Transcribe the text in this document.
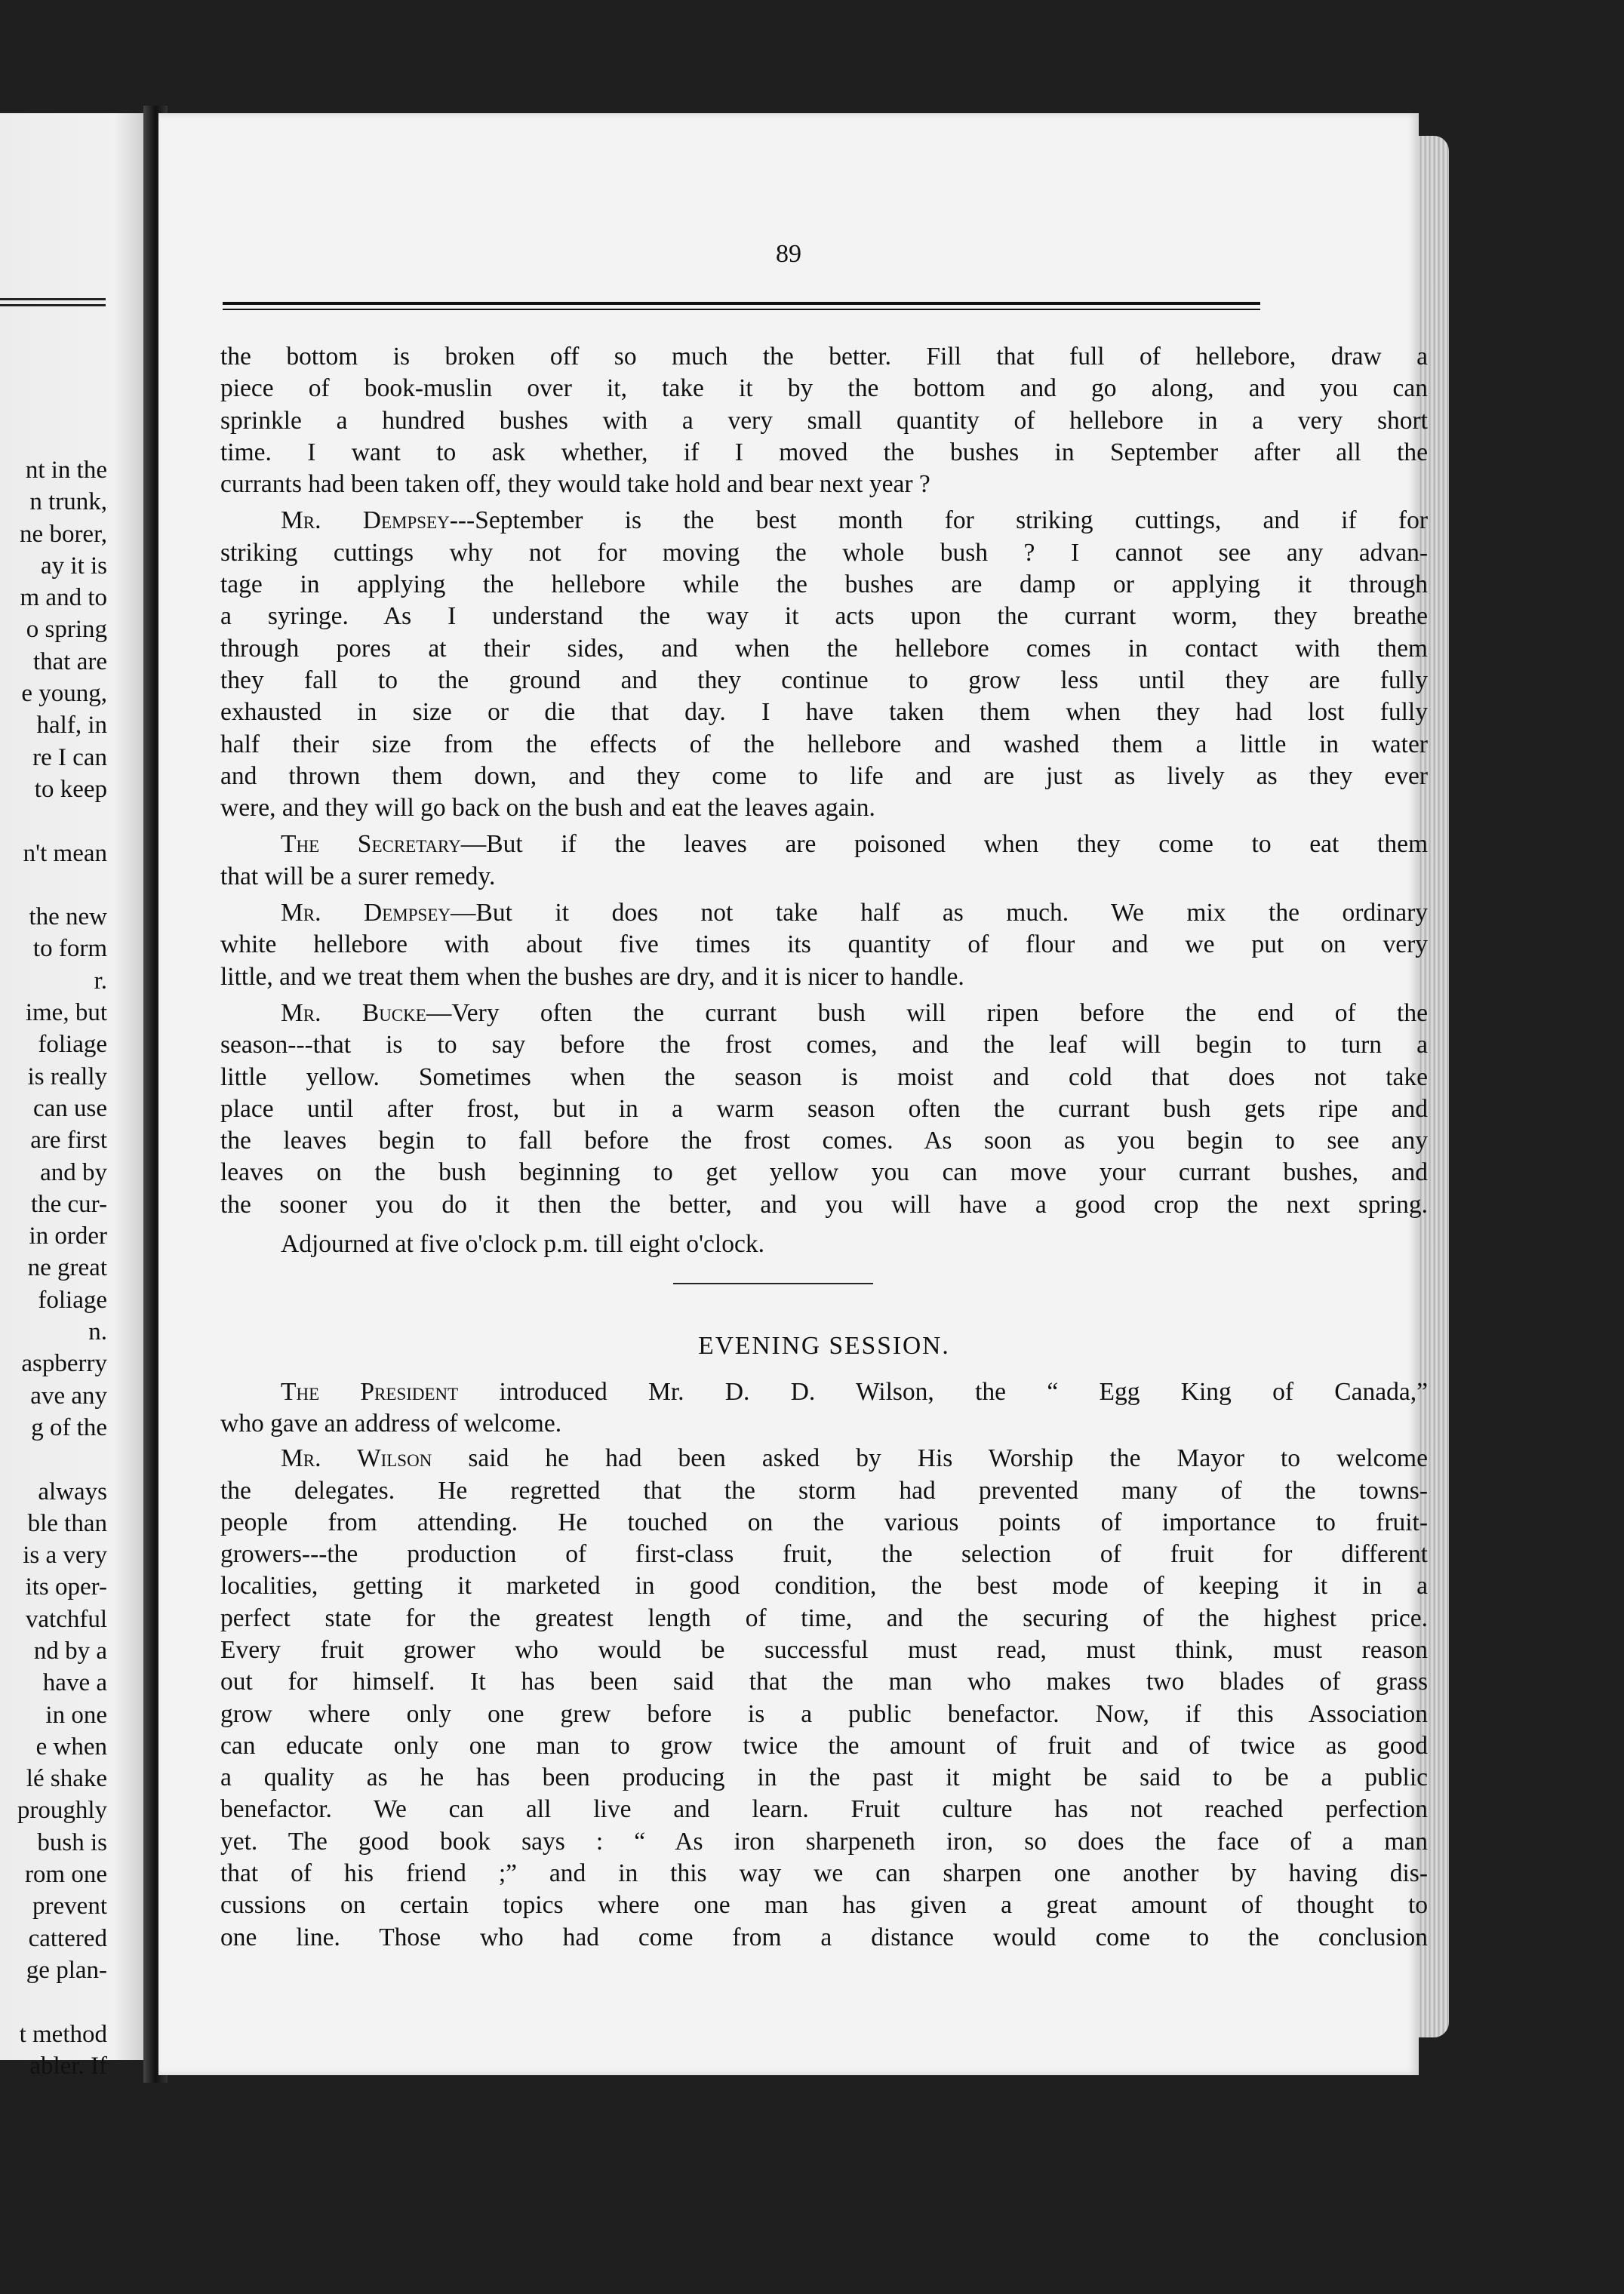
nt in the
n trunk,
ne borer,
ay it is
m and to
o spring
that are
e young,
half, in
re I can
to keep
n't mean
the new
to form
r.
ime, but
foliage
is really
can use
are first
and by
the cur-
in order
ne great
foliage
n.
aspberry
ave any
g of the
always
ble than
is a very
its oper-
vatchful
nd by a
have a
in one
e when
lé shake
proughly
bush is
rom one
prevent
cattered
ge plan-
t method
abler. If
89
the bottom is broken off so much the better. Fill that full of hellebore, draw a
piece of book-muslin over it, take it by the bottom and go along, and you can
sprinkle a hundred bushes with a very small quantity of hellebore in a very short
time. I want to ask whether, if I moved the bushes in September after all the
currants had been taken off, they would take hold and bear next year ?
Mr. Dempsey---September is the best month for striking cuttings, and if for
striking cuttings why not for moving the whole bush ? I cannot see any advan-
tage in applying the hellebore while the bushes are damp or applying it through
a syringe. As I understand the way it acts upon the currant worm, they breathe
through pores at their sides, and when the hellebore comes in contact with them
they fall to the ground and they continue to grow less until they are fully
exhausted in size or die that day. I have taken them when they had lost fully
half their size from the effects of the hellebore and washed them a little in water
and thrown them down, and they come to life and are just as lively as they ever
were, and they will go back on the bush and eat the leaves again.
The Secretary—But if the leaves are poisoned when they come to eat them
that will be a surer remedy.
Mr. Dempsey—But it does not take half as much. We mix the ordinary
white hellebore with about five times its quantity of flour and we put on very
little, and we treat them when the bushes are dry, and it is nicer to handle.
Mr. Bucke—Very often the currant bush will ripen before the end of the
season---that is to say before the frost comes, and the leaf will begin to turn a
little yellow. Sometimes when the season is moist and cold that does not take
place until after frost, but in a warm season often the currant bush gets ripe and
the leaves begin to fall before the frost comes. As soon as you begin to see any
leaves on the bush beginning to get yellow you can move your currant bushes, and
the sooner you do it then the better, and you will have a good crop the next spring.
Adjourned at five o'clock p.m. till eight o'clock.
EVENING SESSION.
The President introduced Mr. D. D. Wilson, the “ Egg King of Canada,”
who gave an address of welcome.
Mr. Wilson said he had been asked by His Worship the Mayor to welcome
the delegates. He regretted that the storm had prevented many of the towns-
people from attending. He touched on the various points of importance to fruit-
growers---the production of first-class fruit, the selection of fruit for different
localities, getting it marketed in good condition, the best mode of keeping it in a
perfect state for the greatest length of time, and the securing of the highest price.
Every fruit grower who would be successful must read, must think, must reason
out for himself. It has been said that the man who makes two blades of grass
grow where only one grew before is a public benefactor. Now, if this Association
can educate only one man to grow twice the amount of fruit and of twice as good
a quality as he has been producing in the past it might be said to be a public
benefactor. We can all live and learn. Fruit culture has not reached perfection
yet. The good book says : “ As iron sharpeneth iron, so does the face of a man
that of his friend ;” and in this way we can sharpen one another by having dis-
cussions on certain topics where one man has given a great amount of thought to
one line. Those who had come from a distance would come to the conclusion
